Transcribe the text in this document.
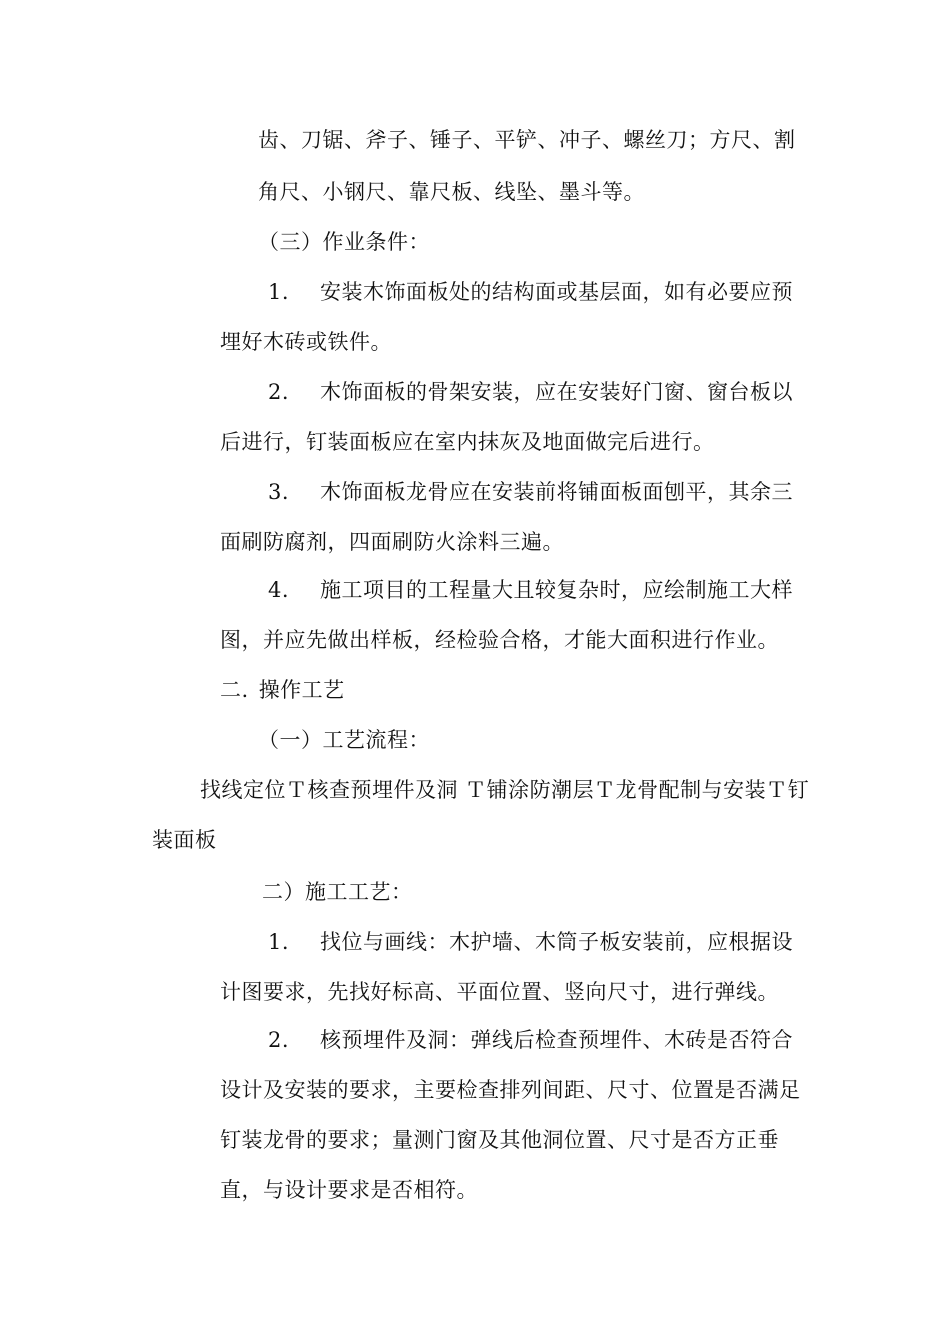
齿、刀锯、斧子、锤子、平铲、冲子、螺丝刀；方尺、割
角尺、小钢尺、靠尺板、线坠、墨斗等。
（三）作业条件：
1. 安装木饰面板处的结构面或基层面，如有必要应预
埋好木砖或铁件。
2. 木饰面板的骨架安装，应在安装好门窗、窗台板以
后进行，钉装面板应在室内抹灰及地面做完后进行。
3. 木饰面板龙骨应在安装前将铺面板面刨平，其余三
面刷防腐剂，四面刷防火涂料三遍。
4. 施工项目的工程量大且较复杂时，应绘制施工大样
图，并应先做出样板，经检验合格，才能大面积进行作业。
二. 操作工艺
（一）工艺流程：
找线定位Ｔ核查预埋件及洞 Ｔ铺涂防潮层Ｔ龙骨配制与安装Ｔ钉
装面板
二）施工工艺：
1. 找位与画线：木护墙、木筒子板安装前，应根据设
计图要求，先找好标高、平面位置、竖向尺寸，进行弹线。
2. 核预埋件及洞：弹线后检查预埋件、木砖是否符合
设计及安装的要求，主要检查排列间距、尺寸、位置是否满足
钉装龙骨的要求；量测门窗及其他洞位置、尺寸是否方正垂
直，与设计要求是否相符。
